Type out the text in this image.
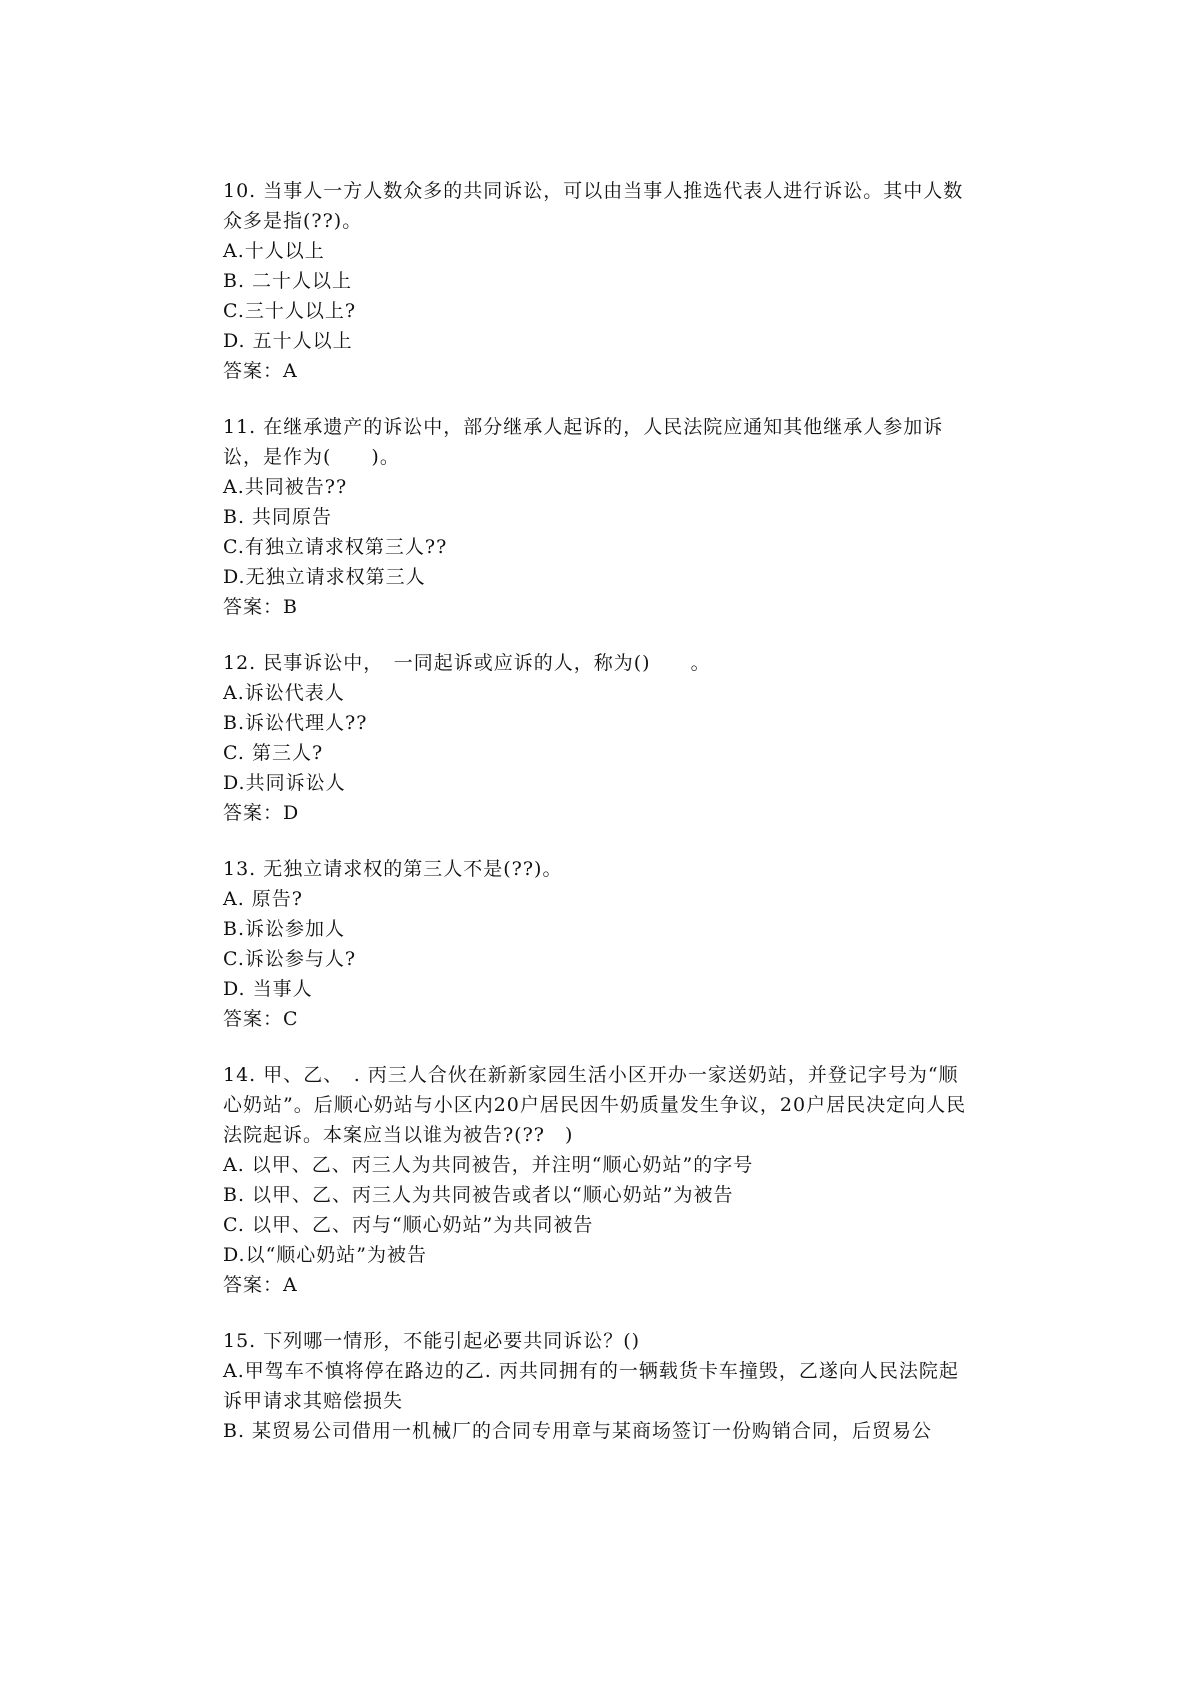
10. 当事人一方人数众多的共同诉讼，可以由当事人推选代表人进行诉讼。其中人数众多是指(??)。

A.十人以上

B. 二十人以上

C.三十人以上?

D. 五十人以上

答案：A

11. 在继承遗产的诉讼中，部分继承人起诉的，人民法院应通知其他继承人参加诉讼，是作为(　　)。

A.共同被告??

B. 共同原告

C.有独立请求权第三人??

D.无独立请求权第三人

答案：B

12. 民事诉讼中，　一同起诉或应诉的人，称为()　　。

A.诉讼代表人

B.诉讼代理人??

C. 第三人?

D.共同诉讼人

答案：D

13. 无独立请求权的第三人不是(??)。

A. 原告?

B.诉讼参加人

C.诉讼参与人?

D. 当事人

答案：C

14. 甲、乙、　. 丙三人合伙在新新家园生活小区开办一家送奶站，并登记字号为“顺心奶站”。后顺心奶站与小区内20户居民因牛奶质量发生争议，20户居民决定向人民法院起诉。本案应当以谁为被告?(??　)

A. 以甲、乙、丙三人为共同被告，并注明“顺心奶站”的字号

B. 以甲、乙、丙三人为共同被告或者以“顺心奶站”为被告

C. 以甲、乙、丙与“顺心奶站”为共同被告

D.以“顺心奶站”为被告

答案：A

15. 下列哪一情形，不能引起必要共同诉讼？()

A.甲驾车不慎将停在路边的乙. 丙共同拥有的一辆载货卡车撞毁，乙遂向人民法院起诉甲请求其赔偿损失

B. 某贸易公司借用一机械厂的合同专用章与某商场签订一份购销合同，后贸易公
